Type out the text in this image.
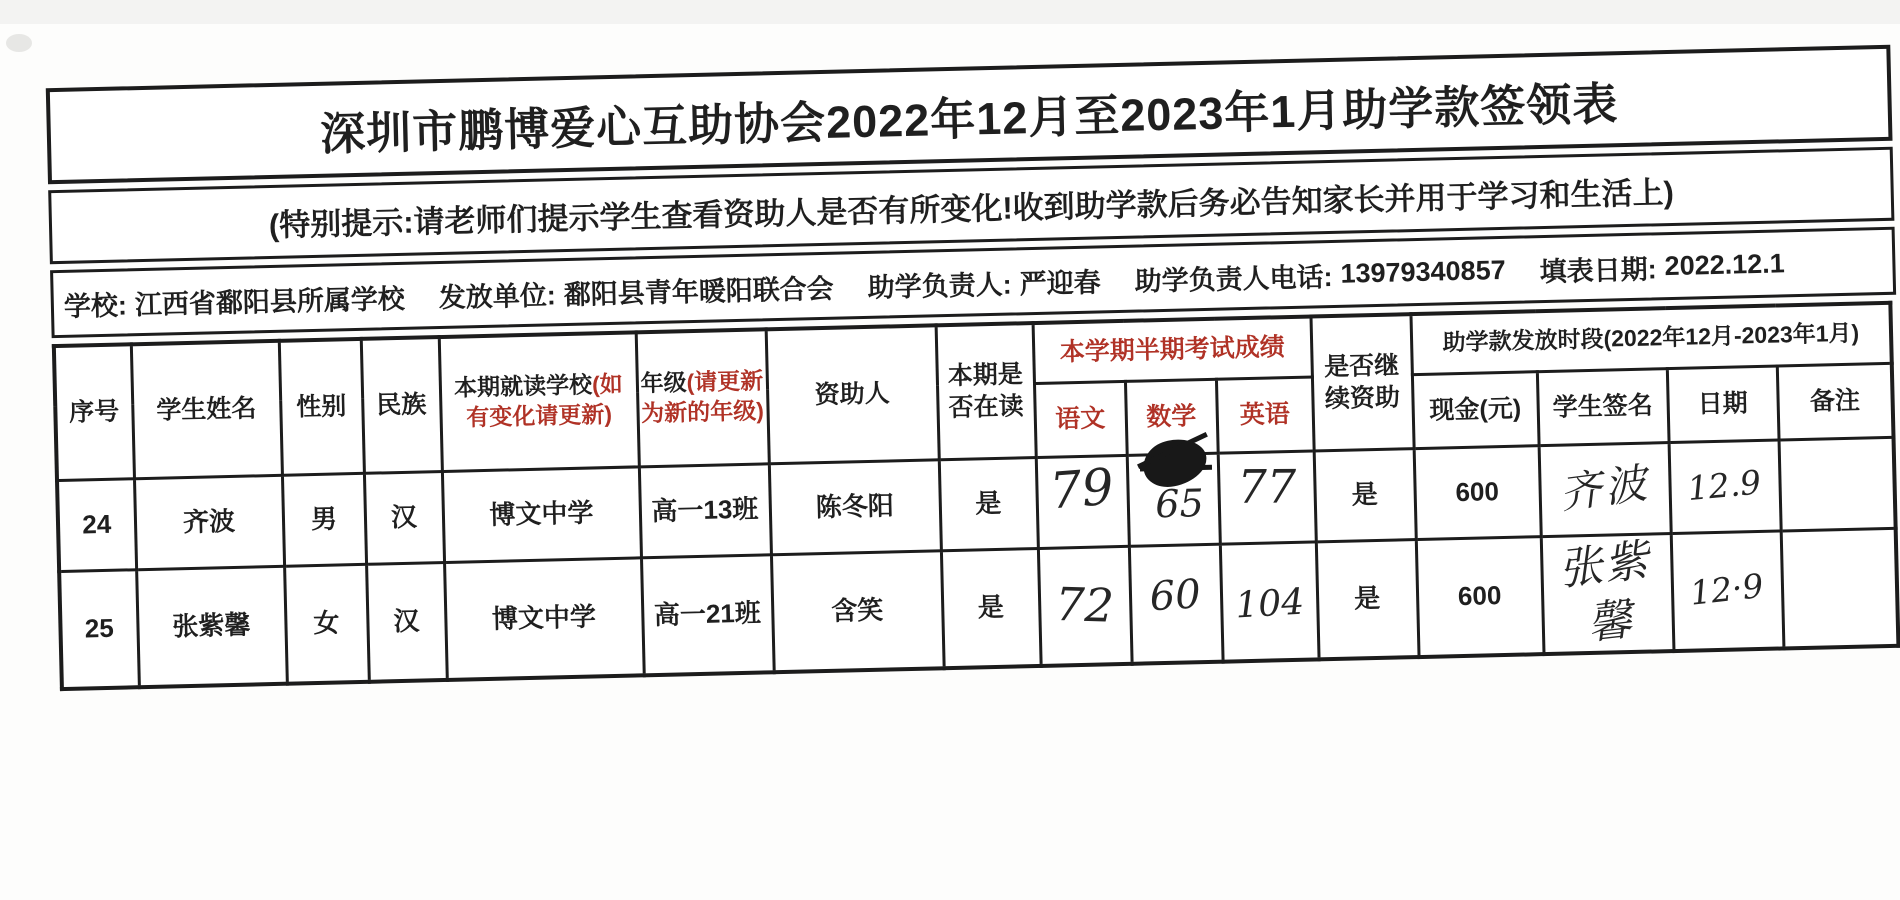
深圳市鹏博爱心互助协会2022年12月至2023年1月助学款签领表
(特别提示:请老师们提示学生查看资助人是否有所变化!收到助学款后务必告知家长并用于学习和生活上)
学校: 江西省鄱阳县所属学校 发放单位: 鄱阳县青年暖阳联合会 助学负责人: 严迎春 助学负责人电话: 13979340857 填表日期: 2022.12.1
序号	学生姓名	性别	民族	本期就读学校(如有变化请更新)	年级(请更新为新的年级)	资助人	本期是否在读	本学期半期考试成绩			是否继续资助	助学款发放时段(2022年12月-2023年1月)			
								语文	数学	英语		现金(元)	学生签名	日期	备注
24	齐波	男	汉	博文中学	高一13班	陈冬阳	是	79	65	77	是	600	齐波	12.9	
25	张紫馨	女	汉	博文中学	高一21班	含笑	是	72	60	104	是	600	张紫馨	12·9	
